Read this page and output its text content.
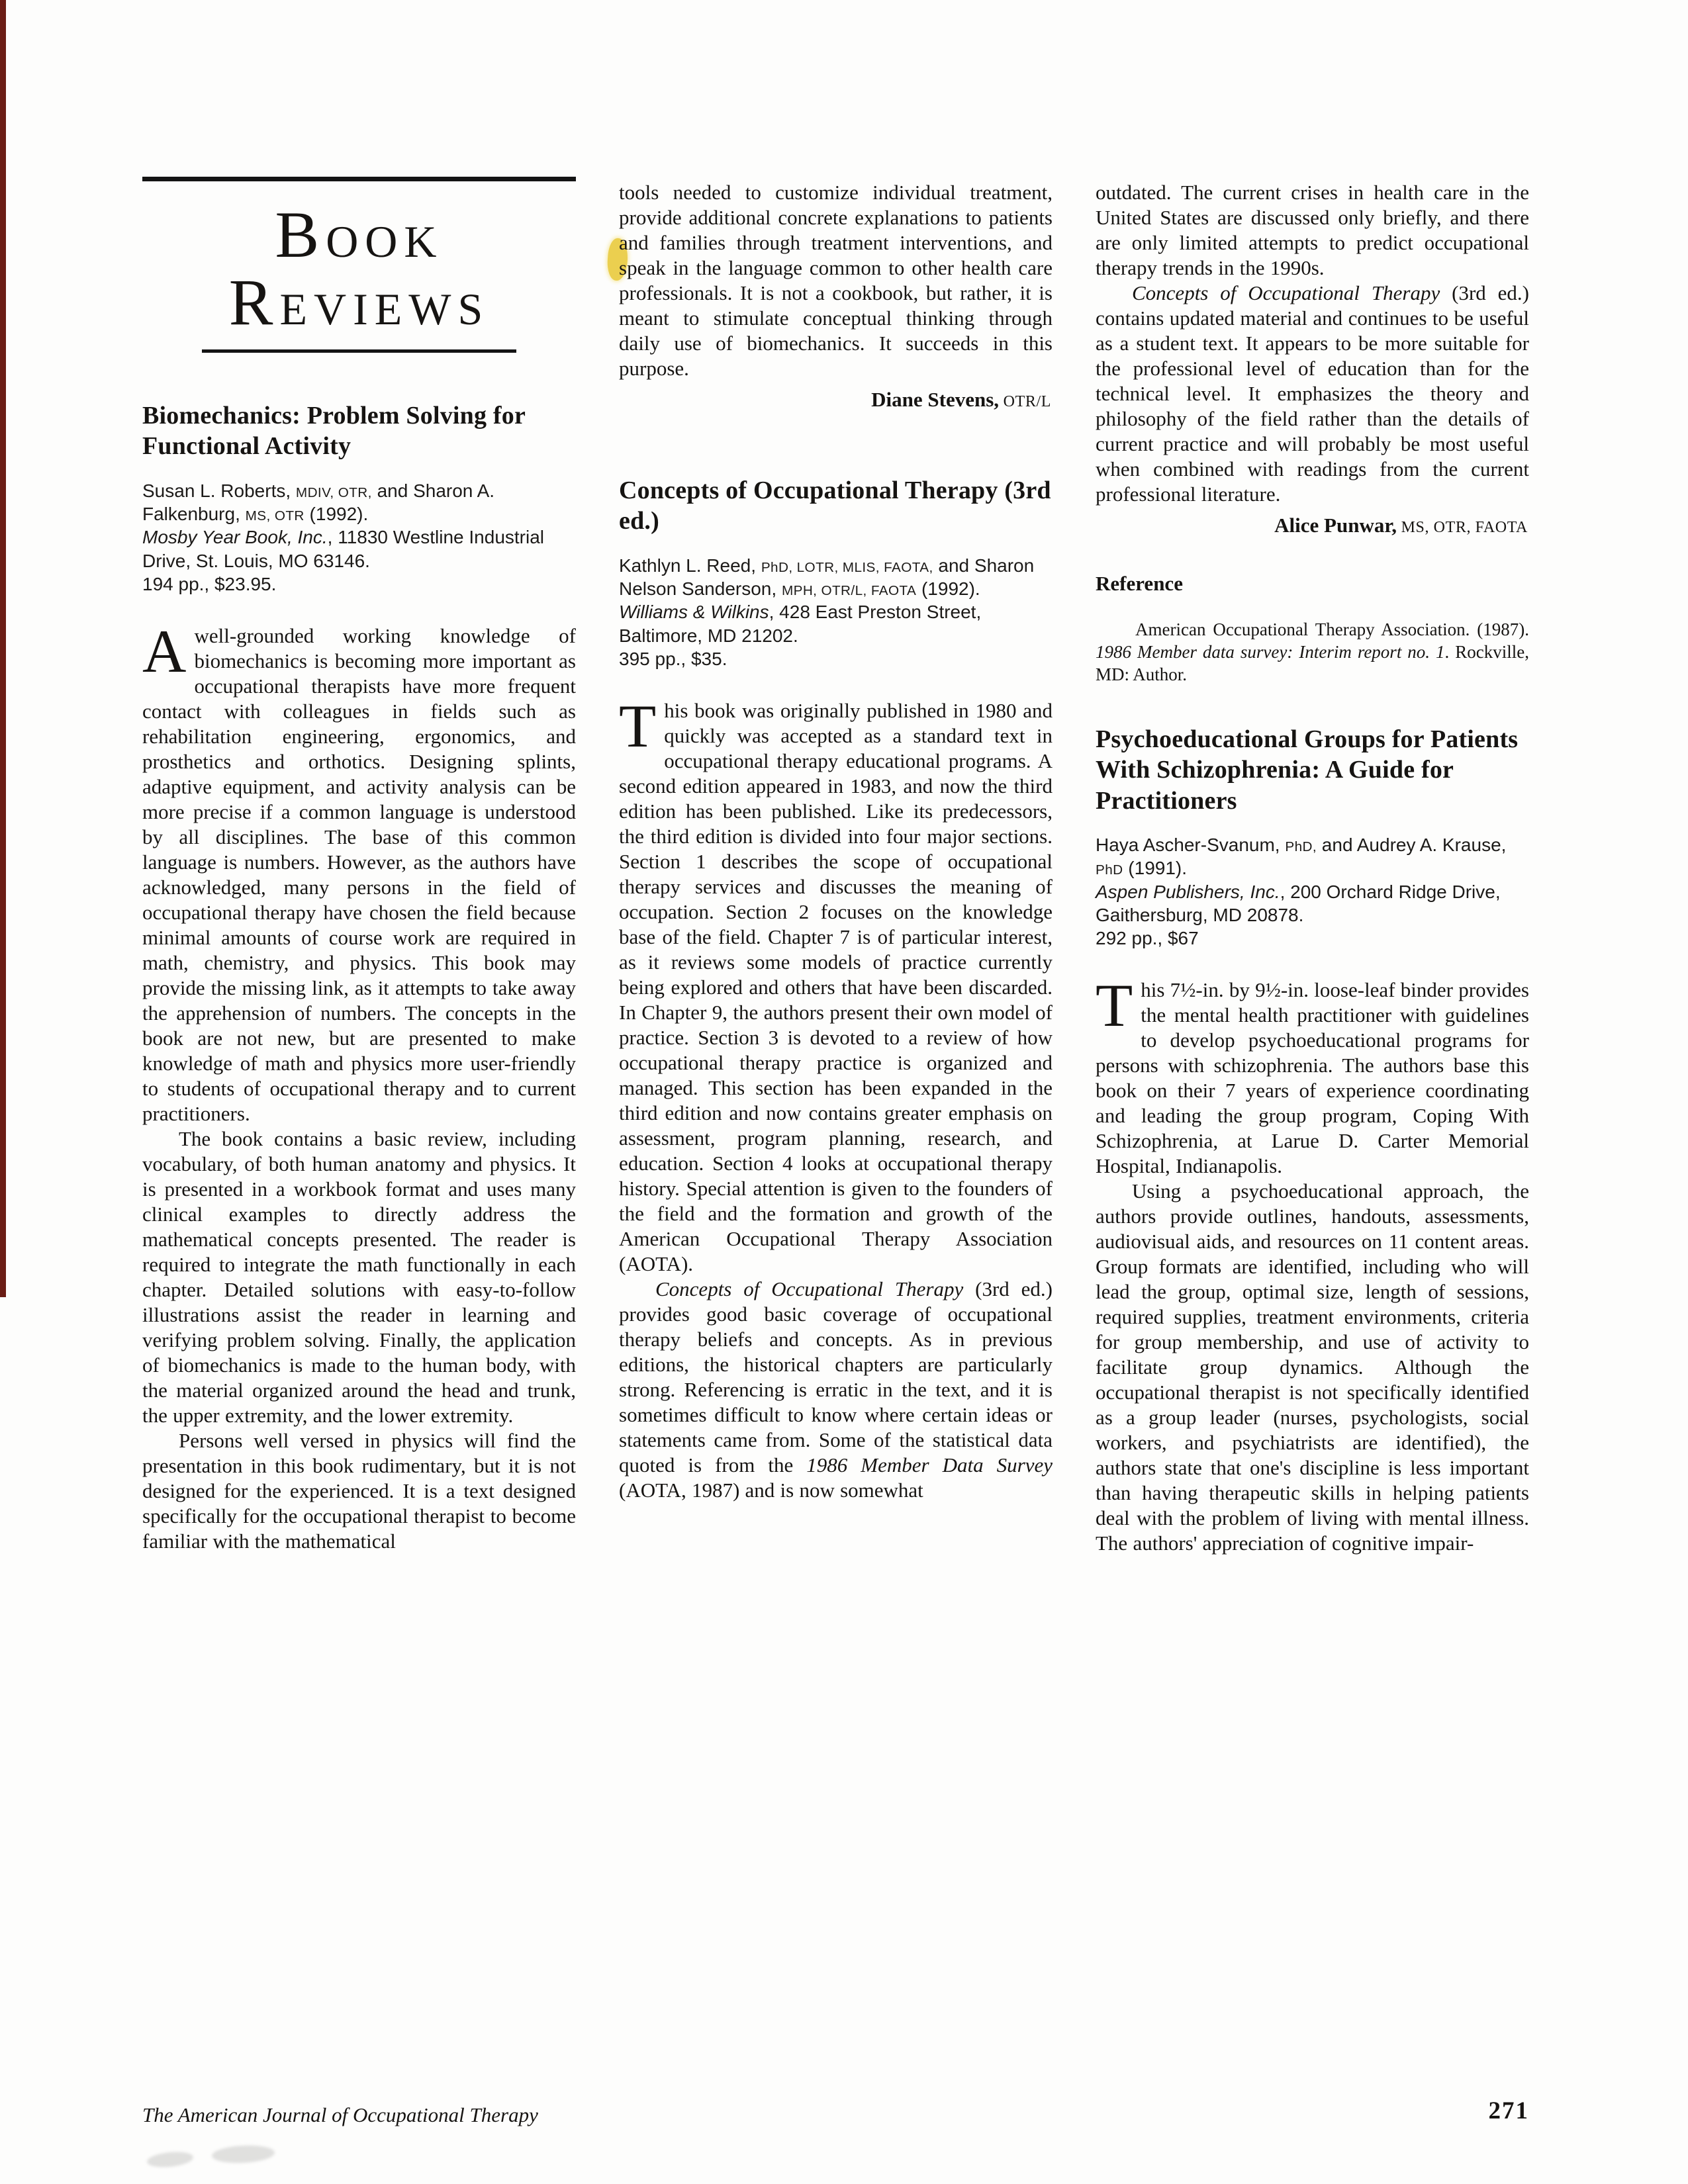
BOOK
REVIEWS
Biomechanics: Problem Solving for Functional Activity
Susan L. Roberts, MDIV, OTR, and Sharon A. Falkenburg, MS, OTR (1992).
Mosby Year Book, Inc., 11830 Westline Industrial Drive, St. Louis, MO 63146.
194 pp., $23.95.

Awell-grounded working knowledge of biomechanics is becoming more important as occupational therapists have more frequent contact with colleagues in fields such as rehabilitation engineering, ergonomics, and prosthetics and orthotics. Designing splints, adaptive equipment, and activity analysis can be more precise if a common language is understood by all disciplines. The base of this common language is numbers. However, as the authors have acknowledged, many persons in the field of occupational therapy have chosen the field because minimal amounts of course work are required in math, chemistry, and physics. This book may provide the missing link, as it attempts to take away the apprehension of numbers. The concepts in the book are not new, but are presented to make knowledge of math and physics more user-friendly to students of occupational therapy and to current practitioners.

The book contains a basic review, including vocabulary, of both human anatomy and physics. It is presented in a workbook format and uses many clinical examples to directly address the mathematical concepts presented. The reader is required to integrate the math functionally in each chapter. Detailed solutions with easy-to-follow illustrations assist the reader in learning and verifying problem solving. Finally, the application of biomechanics is made to the human body, with the material organized around the head and trunk, the upper extremity, and the lower extremity.

Persons well versed in physics will find the presentation in this book rudimentary, but it is not designed for the experienced. It is a text designed specifically for the occupational therapist to become familiar with the mathematical

tools needed to customize individual treatment, provide additional concrete explanations to patients and families through treatment interventions, and speak in the language common to other health care professionals. It is not a cookbook, but rather, it is meant to stimulate conceptual thinking through daily use of biomechanics. It succeeds in this purpose.

Diane Stevens, OTR/L
Concepts of Occupational Therapy (3rd ed.)
Kathlyn L. Reed, PhD, LOTR, MLIS, FAOTA, and Sharon Nelson Sanderson, MPH, OTR/L, FAOTA (1992).
Williams & Wilkins, 428 East Preston Street, Baltimore, MD 21202.
395 pp., $35.

This book was originally published in 1980 and quickly was accepted as a standard text in occupational therapy educational programs. A second edition appeared in 1983, and now the third edition has been published. Like its predecessors, the third edition is divided into four major sections. Section 1 describes the scope of occupational therapy services and discusses the meaning of occupation. Section 2 focuses on the knowledge base of the field. Chapter 7 is of particular interest, as it reviews some models of practice currently being explored and others that have been discarded. In Chapter 9, the authors present their own model of practice. Section 3 is devoted to a review of how occupational therapy practice is organized and managed. This section has been expanded in the third edition and now contains greater emphasis on assessment, program planning, research, and education. Section 4 looks at occupational therapy history. Special attention is given to the founders of the field and the formation and growth of the American Occupational Therapy Association (AOTA).

Concepts of Occupational Therapy (3rd ed.) provides good basic coverage of occupational therapy beliefs and concepts. As in previous editions, the historical chapters are particularly strong. Referencing is erratic in the text, and it is sometimes difficult to know where certain ideas or statements came from. Some of the statistical data quoted is from the 1986 Member Data Survey (AOTA, 1987) and is now somewhat

outdated. The current crises in health care in the United States are discussed only briefly, and there are only limited attempts to predict occupational therapy trends in the 1990s.

Concepts of Occupational Therapy (3rd ed.) contains updated material and continues to be useful as a student text. It appears to be more suitable for the professional level of education than for the technical level. It emphasizes the theory and philosophy of the field rather than the details of current practice and will probably be most useful when combined with readings from the current professional literature.

Alice Punwar, MS, OTR, FAOTA
Reference

American Occupational Therapy Association. (1987). 1986 Member data survey: Interim report no. 1. Rockville, MD: Author.

Psychoeducational Groups for Patients With Schizophrenia: A Guide for Practitioners
Haya Ascher-Svanum, PhD, and Audrey A. Krause, PhD (1991).
Aspen Publishers, Inc., 200 Orchard Ridge Drive, Gaithersburg, MD 20878.
292 pp., $67

This 7½-in. by 9½-in. loose-leaf binder provides the mental health practitioner with guidelines to develop psychoeducational programs for persons with schizophrenia. The authors base this book on their 7 years of experience coordinating and leading the group program, Coping With Schizophrenia, at Larue D. Carter Memorial Hospital, Indianapolis.

Using a psychoeducational approach, the authors provide outlines, handouts, assessments, audiovisual aids, and resources on 11 content areas. Group formats are identified, including who will lead the group, optimal size, length of sessions, required supplies, treatment environments, criteria for group membership, and use of activity to facilitate group dynamics. Although the occupational therapist is not specifically identified as a group leader (nurses, psychologists, social workers, and psychiatrists are identified), the authors state that one's discipline is less important than having therapeutic skills in helping patients deal with the problem of living with mental illness. The authors' appreciation of cognitive impair-

The American Journal of Occupational Therapy	271
